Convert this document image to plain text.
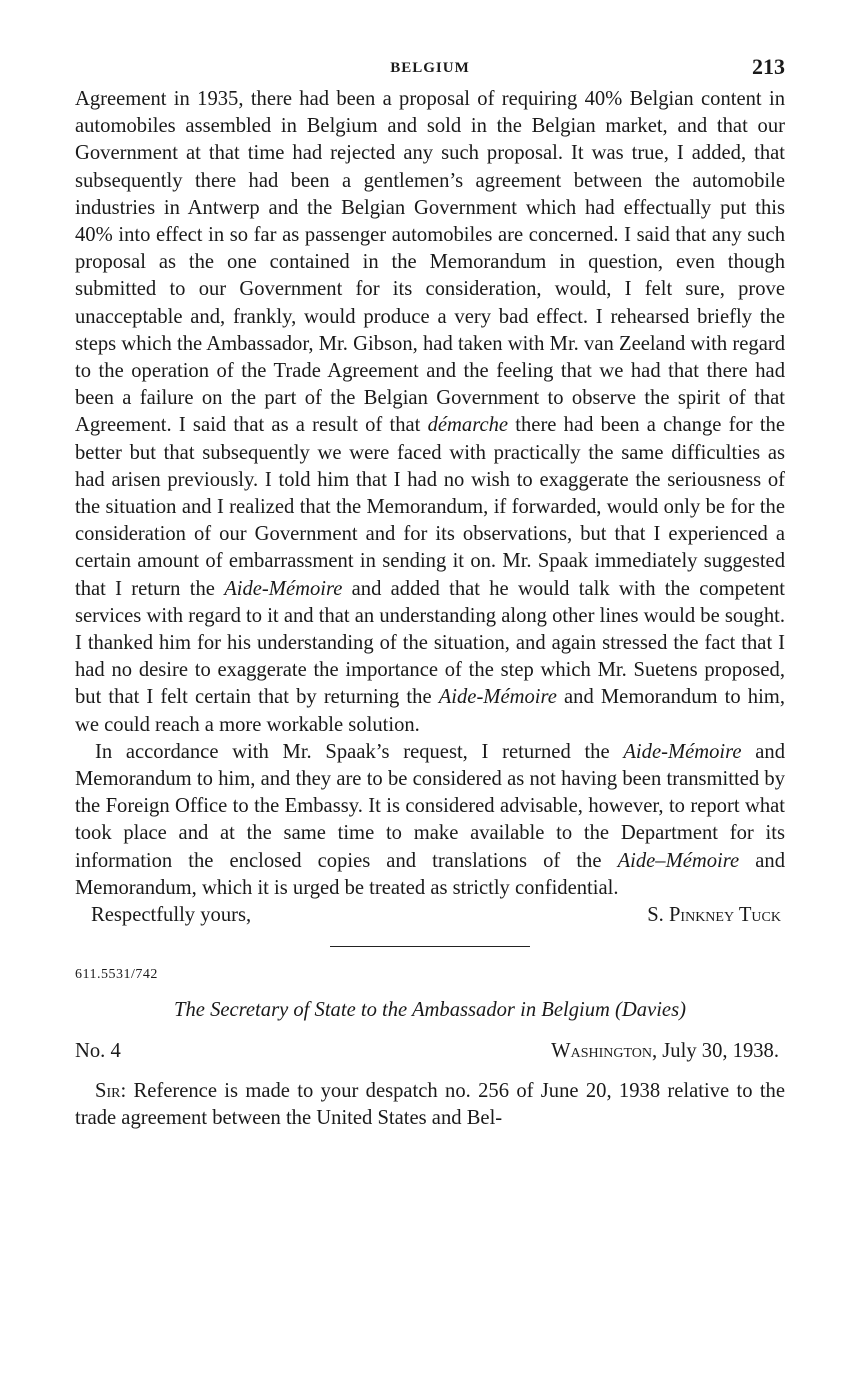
BELGIUM	213

Agreement in 1935, there had been a proposal of requiring 40% Belgian content in automobiles assembled in Belgium and sold in the Belgian market, and that our Government at that time had rejected any such proposal. It was true, I added, that subsequently there had been a gentlemen’s agreement between the automobile industries in Antwerp and the Belgian Government which had effectually put this 40% into effect in so far as passenger automobiles are concerned. I said that any such proposal as the one contained in the Memorandum in question, even though submitted to our Government for its consideration, would, I felt sure, prove unacceptable and, frankly, would produce a very bad effect. I rehearsed briefly the steps which the Ambassador, Mr. Gibson, had taken with Mr. van Zeeland with regard to the operation of the Trade Agreement and the feeling that we had that there had been a failure on the part of the Belgian Government to observe the spirit of that Agreement. I said that as a result of that démarche there had been a change for the better but that subsequently we were faced with practically the same difficulties as had arisen previously. I told him that I had no wish to exaggerate the seriousness of the situation and I realized that the Memorandum, if forwarded, would only be for the consideration of our Government and for its observations, but that I experienced a certain amount of embarrassment in sending it on. Mr. Spaak immediately suggested that I return the Aide-Mémoire and added that he would talk with the competent services with regard to it and that an understanding along other lines would be sought. I thanked him for his understanding of the situation, and again stressed the fact that I had no desire to exaggerate the importance of the step which Mr. Suetens proposed, but that I felt certain that by returning the Aide-Mémoire and Memorandum to him, we could reach a more workable solution.

In accordance with Mr. Spaak’s request, I returned the Aide-Mémoire and Memorandum to him, and they are to be considered as not having been transmitted by the Foreign Office to the Embassy. It is considered advisable, however, to report what took place and at the same time to make available to the Department for its information the enclosed copies and translations of the Aide–Mémoire and Memorandum, which it is urged be treated as strictly confidential.

Respectfully yours,	S. Pinkney Tuck
611.5531/742
The Secretary of State to the Ambassador in Belgium (Davies)
No. 4	Washington, July 30, 1938.

Sir: Reference is made to your despatch no. 256 of June 20, 1938 relative to the trade agreement between the United States and Bel-
